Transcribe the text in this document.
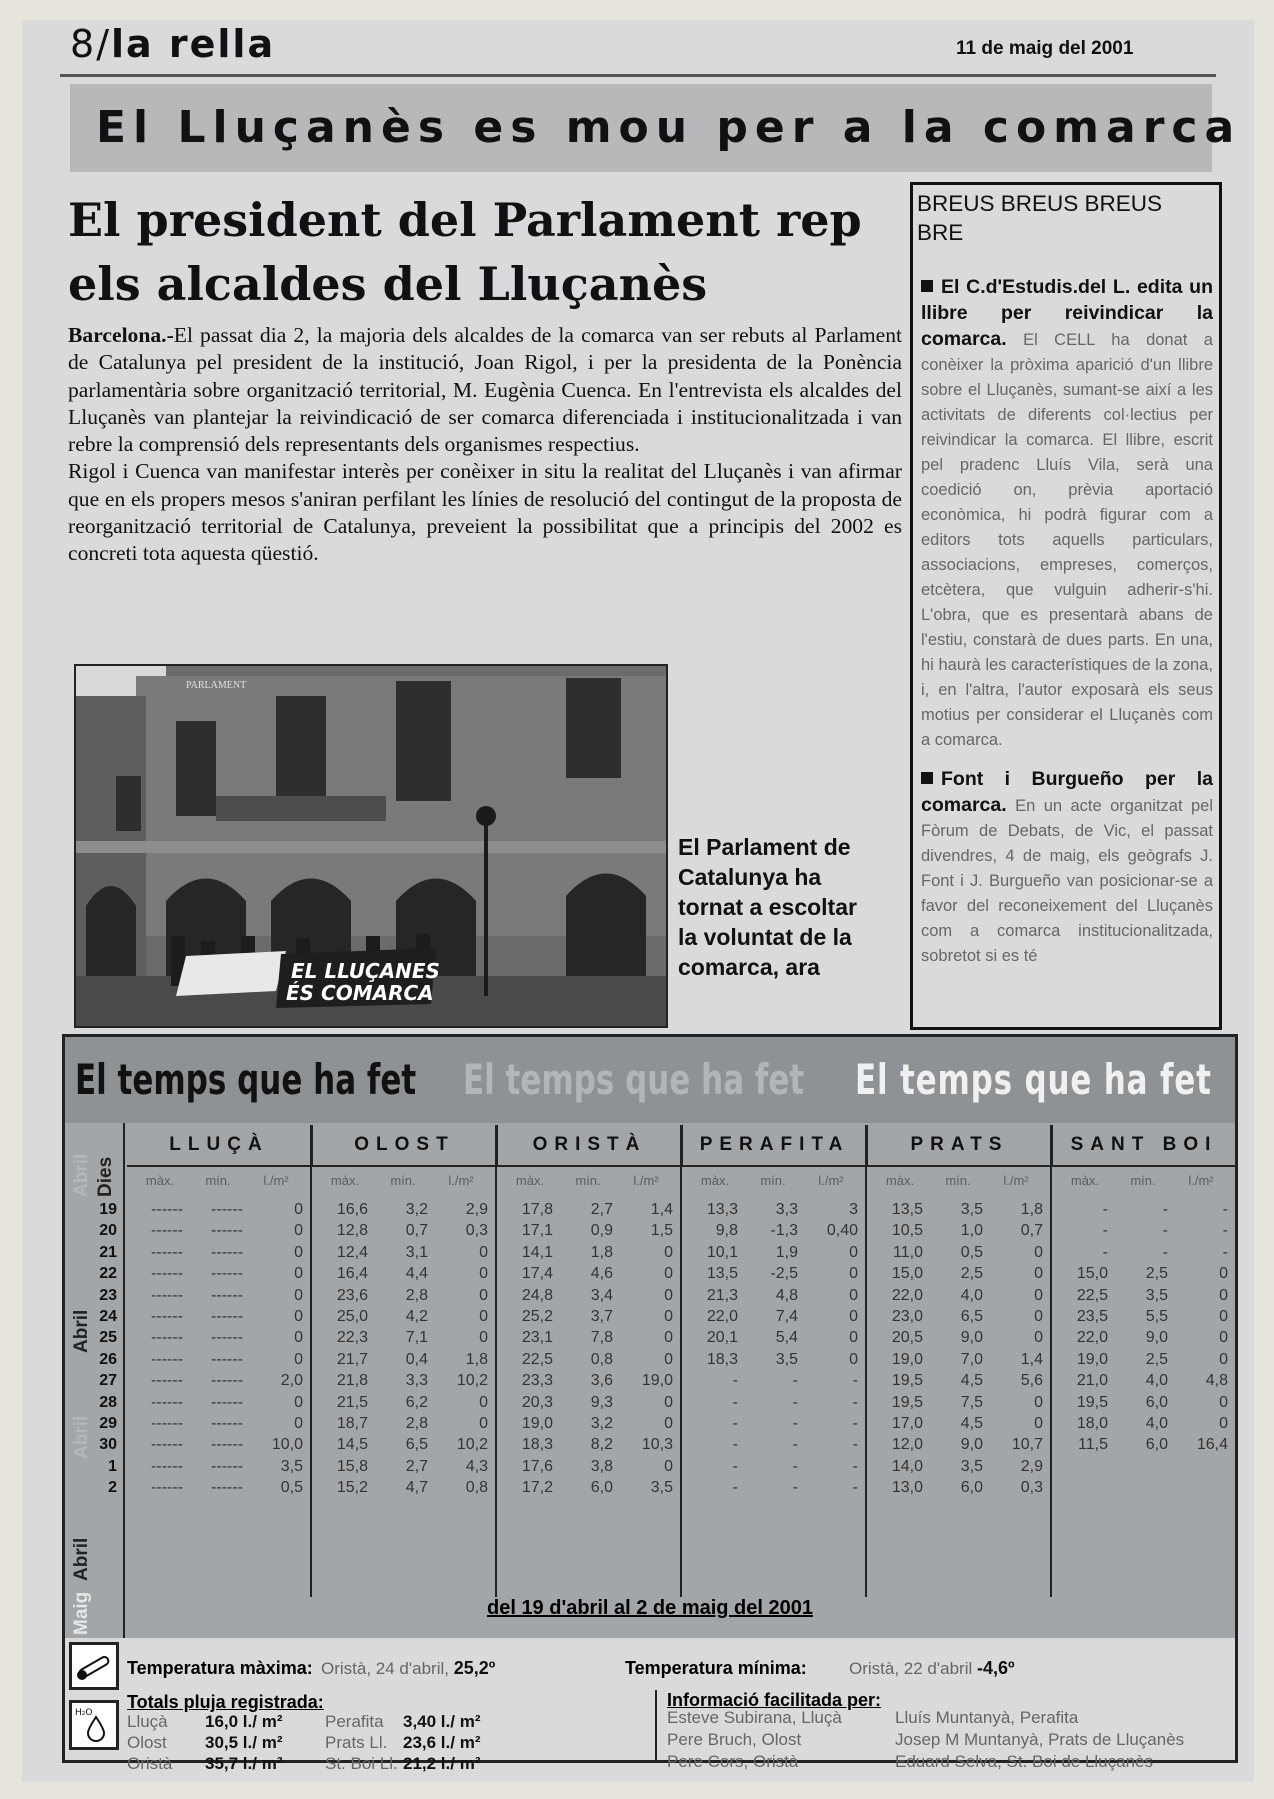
8/la rella	11 de maig del 2001
El Lluçanès es mou per a la comarca
El president del Parlament rep els alcaldes del Lluçanès

Barcelona.-El passat dia 2, la majoria dels alcaldes de la comarca van ser rebuts al Parlament de Catalunya pel president de la institució, Joan Rigol, i per la presidenta de la Ponència parlamentària sobre organització territorial, M. Eugènia Cuenca. En l'entrevista els alcaldes del Lluçanès van plantejar la reivindicació de ser comarca diferenciada i institucionalitzada i van rebre la comprensió dels representants dels organismes respectius.

Rigol i Cuenca van manifestar interès per conèixer in situ la realitat del Lluçanès i van afirmar que en els propers mesos s'aniran perfilant les línies de resolució del contingut de la proposta de reorganització territorial de Catalunya, preveient la possibilitat que a principis del 2002 es concreti tota aquesta qüestió.

PARLAMENT
EL LLUÇANES
ÉS COMARCA
El Parlament de Catalunya ha tornat a escoltar la voluntat de la comarca, ara
BREUS BREUS BREUS BRE

El C.d'Estudis.del L. edita un llibre per reivindicar la comarca. El CELL ha donat a conèixer la pròxima aparició d'un llibre sobre el Lluçanès, sumant-se així a les activitats de diferents col·lectius per reivindicar la comarca. El llibre, escrit pel pradenc Lluís Vila, serà una coedició on, prèvia aportació econòmica, hi podrà figurar com a editors tots aquells particulars, associacions, empreses, comerços, etcètera, que vulguin adherir-s'hi. L'obra, que es presentarà abans de l'estiu, constarà de dues parts. En una, hi haurà les característiques de la zona, i, en l'altra, l'autor exposarà els seus motius per considerar el Lluçanès com a comarca.

Font i Burgueño per la comarca. En un acte organitzat pel Fòrum de Debats, de Vic, el passat divendres, 4 de maig, els geògrafs J. Font i J. Burgueño van posicionar-se a favor del reconeixement del Lluçanès com a comarca institucionalitzada, sobretot si es té

El temps que ha fet El temps que ha fet El temps que ha fet
Abril Dies
Abril
Abril
Abril
Maig
LLUÇÀ	OLOST	ORISTÀ	PERAFITA	PRATS	SANT BOI
màx.	mín.	l./m²	màx.	mín.	l./m²	màx.	mín.	l./m²	màx.	mín.	l./m²	màx.	mín.	l./m²	màx.	mín.	l./m²
19	------	------	0	16,6	3,2	2,9	17,8	2,7	1,4	13,3	3,3	3	13,5	3,5	1,8	-	-	-
20	------	------	0	12,8	0,7	0,3	17,1	0,9	1,5	9,8	-1,3	0,40	10,5	1,0	0,7	-	-	-
21	------	------	0	12,4	3,1	0	14,1	1,8	0	10,1	1,9	0	11,0	0,5	0	-	-	-
22	------	------	0	16,4	4,4	0	17,4	4,6	0	13,5	-2,5	0	15,0	2,5	0	15,0	2,5	0
23	------	------	0	23,6	2,8	0	24,8	3,4	0	21,3	4,8	0	22,0	4,0	0	22,5	3,5	0
24	------	------	0	25,0	4,2	0	25,2	3,7	0	22,0	7,4	0	23,0	6,5	0	23,5	5,5	0
25	------	------	0	22,3	7,1	0	23,1	7,8	0	20,1	5,4	0	20,5	9,0	0	22,0	9,0	0
26	------	------	0	21,7	0,4	1,8	22,5	0,8	0	18,3	3,5	0	19,0	7,0	1,4	19,0	2,5	0
27	------	------	2,0	21,8	3,3	10,2	23,3	3,6	19,0	-	-	-	19,5	4,5	5,6	21,0	4,0	4,8
28	------	------	0	21,5	6,2	0	20,3	9,3	0	-	-	-	19,5	7,5	0	19,5	6,0	0
29	------	------	0	18,7	2,8	0	19,0	3,2	0	-	-	-	17,0	4,5	0	18,0	4,0	0
30	------	------	10,0	14,5	6,5	10,2	18,3	8,2	10,3	-	-	-	12,0	9,0	10,7	11,5	6,0	16,4
1	------	------	3,5	15,8	2,7	4,3	17,6	3,8	0	-	-	-	14,0	3,5	2,9
2	------	------	0,5	15,2	4,7	0,8	17,2	6,0	3,5	-	-	-	13,0	6,0	0,3
del 19 d'abril al 2 de maig del 2001
Temperatura màxima: Oristà, 24 d'abril, 25,2º	Temperatura mínima: Oristà, 22 d'abril -4,6º
H₂O
Totals pluja registrada:
Lluçà 16,0 l./ m²
Olost 30,5 l./ m²
Oristà 35,7 l./ m²
Perafita 3,40 l./ m²
Prats Ll. 23,6 l./ m²
St. Boi Ll. 21,2 l./ m²
Informació facilitada per:
Esteve Subirana, Lluçà
Pere Bruch, Olost
Pere Cors, Oristà
Lluís Muntanyà, Perafita
Josep M Muntanyà, Prats de Lluçanès
Eduard Selva, St. Boi de Lluçanès
